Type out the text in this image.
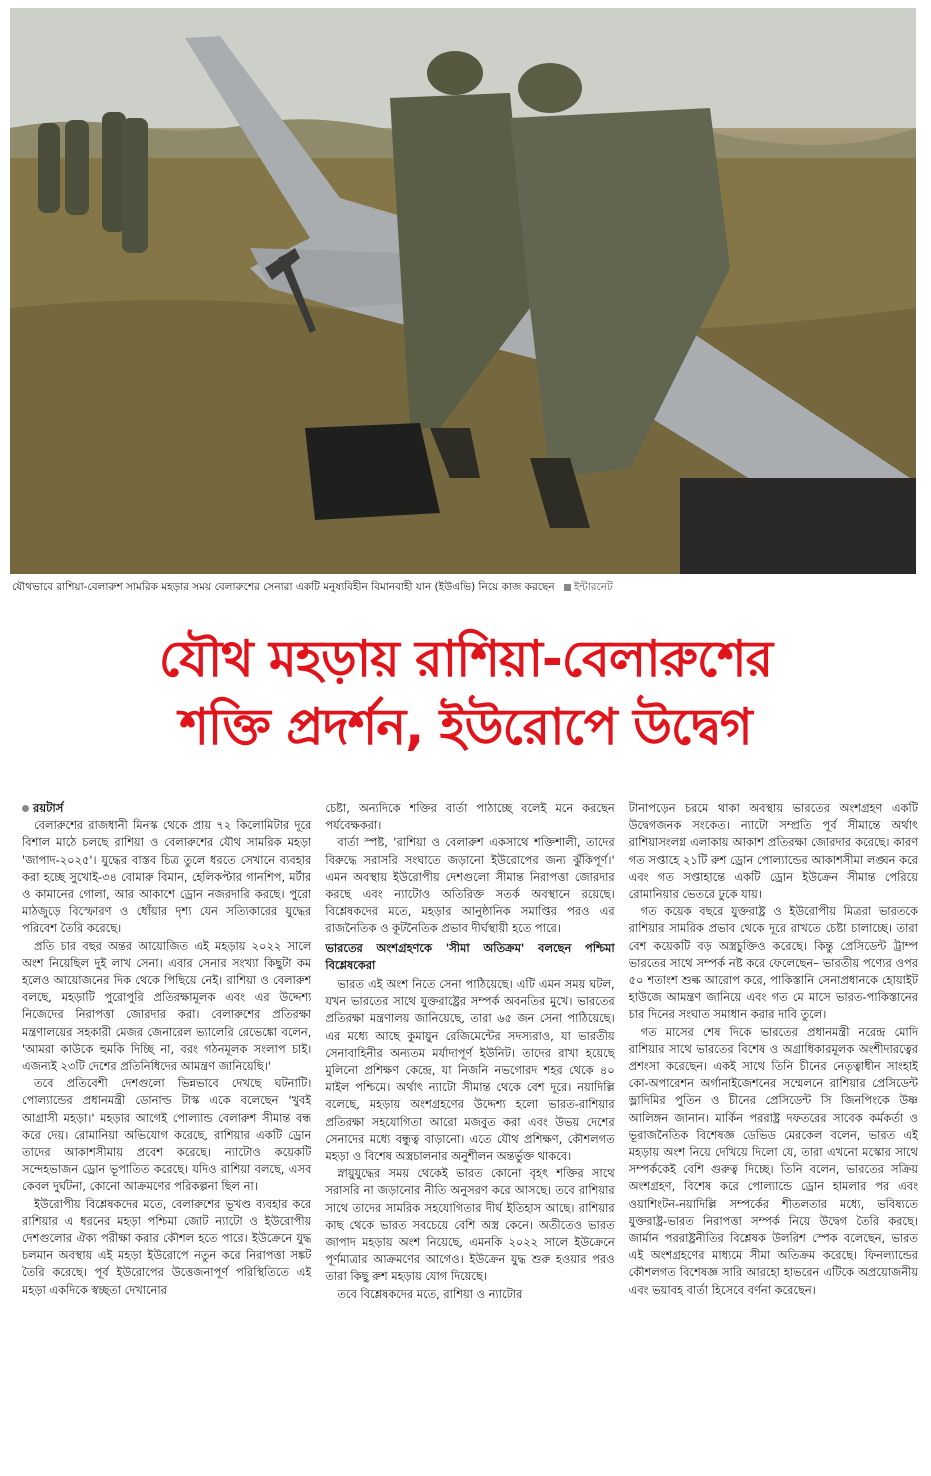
যৌথভাবে রাশিয়া-বেলারুশ সামরিক মহড়ার সময় বেলারুশের সেনারা একটি মনুষ্যবিহীন বিমানবাহী যান (ইউএভি) নিয়ে কাজ করছেন ইন্টারনেট
যৌথ মহড়ায় রাশিয়া-বেলারুশের
শক্তি প্রদর্শন, ইউরোপে উদ্বেগ
রয়টার্স

বেলারুশের রাজধানী মিনস্ক থেকে প্রায় ৭২ কিলোমিটার দূরে বিশাল মাঠে চলছে রাশিয়া ও বেলারুশের যৌথ সামরিক মহড়া 'জাপাদ-২০২৫'। যুদ্ধের বাস্তব চিত্র তুলে ধরতে সেখানে ব্যবহার করা হচ্ছে সুখোই-৩৪ বোমারু বিমান, হেলিকপ্টার গানশিপ, মর্টার ও কামানের গোলা, আর আকাশে ড্রোন নজরদারি করছে। পুরো মাঠজুড়ে বিস্ফোরণ ও ধোঁয়ার দৃশ্য যেন সত্যিকারের যুদ্ধের পরিবেশ তৈরি করেছে।

প্রতি চার বছর অন্তর আয়োজিত এই মহড়ায় ২০২২ সালে অংশ নিয়েছিল দুই লাখ সেনা। এবার সেনার সংখ্যা কিছুটা কম হলেও আয়োজনের দিক থেকে পিছিয়ে নেই। রাশিয়া ও বেলারুশ বলছে, মহড়াটি পুরোপুরি প্রতিরক্ষামূলক এবং এর উদ্দেশ্য নিজেদের নিরাপত্তা জোরদার করা। বেলারুশের প্রতিরক্ষা মন্ত্রণালয়ের সহকারী মেজর জেনারেল ভ্যালেরি রেভেঙ্কো বলেন, 'আমরা কাউকে হুমকি দিচ্ছি না, বরং গঠনমূলক সংলাপ চাই। এজন্যই ২৩টি দেশের প্রতিনিধিদের আমন্ত্রণ জানিয়েছি।'

তবে প্রতিবেশী দেশগুলো ভিন্নভাবে দেখছে ঘটনাটি। পোল্যান্ডের প্রধানমন্ত্রী ডোনাল্ড টাস্ক একে বলেছেন 'খুবই আগ্রাসী মহড়া।' মহড়ার আগেই পোল্যান্ড বেলারুশ সীমান্ত বন্ধ করে দেয়। রোমানিয়া অভিযোগ করেছে, রাশিয়ার একটি ড্রোন তাদের আকাশসীমায় প্রবেশ করেছে। ন্যাটোও কয়েকটি সন্দেহভাজন ড্রোন ভূপাতিত করেছে। যদিও রাশিয়া বলছে, এসব কেবল দুর্ঘটনা, কোনো আক্রমণের পরিকল্পনা ছিল না।

ইউরোপীয় বিশ্লেষকদের মতে, বেলারুশের ভূখণ্ড ব্যবহার করে রাশিয়ার এ ধরনের মহড়া পশ্চিমা জোট ন্যাটো ও ইউরোপীয় দেশগুলোর ঐক্য পরীক্ষা করার কৌশল হতে পারে। ইউক্রেনে যুদ্ধ চলমান অবস্থায় এই মহড়া ইউরোপে নতুন করে নিরাপত্তা সঙ্কট তৈরি করেছে। পূর্ব ইউরোপের উত্তেজনাপূর্ণ পরিস্থিতিতে এই মহড়া একদিকে স্বচ্ছতা দেখানোর

চেষ্টা, অন্যদিকে শক্তির বার্তা পাঠাচ্ছে বলেই মনে করছেন পর্যবেক্ষকরা।

বার্তা স্পষ্ট, 'রাশিয়া ও বেলারুশ একসাথে শক্তিশালী, তাদের বিরুদ্ধে সরাসরি সংঘাতে জড়ানো ইউরোপের জন্য ঝুঁকিপূর্ণ।' এমন অবস্থায় ইউরোপীয় দেশগুলো সীমান্ত নিরাপত্তা জোরদার করছে এবং ন্যাটোও অতিরিক্ত সতর্ক অবস্থানে রয়েছে। বিশ্লেষকদের মতে, মহড়ার আনুষ্ঠানিক সমাপ্তির পরও এর রাজনৈতিক ও কূটনৈতিক প্রভাব দীর্ঘস্থায়ী হতে পারে।

ভারতের অংশগ্রহণকে 'সীমা অতিক্রম' বলছেন পশ্চিমা বিশ্লেষকেরা

ভারত এই অংশ নিতে সেনা পাঠিয়েছে। এটি এমন সময় ঘটল, যখন ভারতের সাথে যুক্তরাষ্ট্রের সম্পর্ক অবনতির মুখে। ভারতের প্রতিরক্ষা মন্ত্রণালয় জানিয়েছে, তারা ৬৫ জন সেনা পাঠিয়েছে। এর মধ্যে আছে কুমায়ুন রেজিমেন্টের সদস্যরাও, যা ভারতীয় সেনাবাহিনীর অন্যতম মর্যাদাপূর্ণ ইউনিট। তাদের রাখা হয়েছে মুলিনো প্রশিক্ষণ কেন্দ্রে, যা নিজনি নভগোরদ শহর থেকে ৪০ মাইল পশ্চিমে। অর্থাৎ ন্যাটো সীমান্ত থেকে বেশ দূরে। নয়াদিল্লি বলেছে, মহড়ায় অংশগ্রহণের উদ্দেশ্য হলো ভারত-রাশিয়ার প্রতিরক্ষা সহযোগিতা আরো মজবুত করা এবং উভয় দেশের সেনাদের মধ্যে বন্ধুত্ব বাড়ানো। এতে যৌথ প্রশিক্ষণ, কৌশলগত মহড়া ও বিশেষ অস্ত্রচালনার অনুশীলন অন্তর্ভুক্ত থাকবে।

স্নায়ুযুদ্ধের সময় থেকেই ভারত কোনো বৃহৎ শক্তির সাথে সরাসরি না জড়ানোর নীতি অনুসরণ করে আসছে। তবে রাশিয়ার সাথে তাদের সামরিক সহযোগিতার দীর্ঘ ইতিহাস আছে। রাশিয়ার কাছ থেকে ভারত সবচেয়ে বেশি অস্ত্র কেনে। অতীতেও ভারত জাপাদ মহড়ায় অংশ নিয়েছে, এমনকি ২০২২ সালে ইউক্রেনে পূর্ণমাত্রার আক্রমণের আগেও। ইউক্রেন যুদ্ধ শুরু হওয়ার পরও তারা কিছু রুশ মহড়ায় যোগ দিয়েছে।

তবে বিশ্লেষকদের মতে, রাশিয়া ও ন্যাটোর

টানাপড়েন চরমে থাকা অবস্থায় ভারতের অংশগ্রহণ একটি উদ্বেগজনক সংকেত। ন্যাটো সম্প্রতি পূর্ব সীমান্তে অর্থাৎ রাশিয়াসংলগ্ন এলাকায় আকাশ প্রতিরক্ষা জোরদার করেছে। কারণ গত সপ্তাহে ২১টি রুশ ড্রোন পোল্যান্ডের আকাশসীমা লঙ্ঘন করে এবং গত সপ্তাহান্তে একটি ড্রোন ইউক্রেন সীমান্ত পেরিয়ে রোমানিয়ার ভেতরে ঢুকে যায়।

গত কয়েক বছরে যুক্তরাষ্ট্র ও ইউরোপীয় মিত্ররা ভারতকে রাশিয়ার সামরিক প্রভাব থেকে দূরে রাখতে চেষ্টা চালাচ্ছে। তারা বেশ কয়েকটি বড় অস্ত্রচুক্তিও করেছে। কিন্তু প্রেসিডেন্ট ট্রাম্প ভারতের সাথে সম্পর্ক নষ্ট করে ফেলেছেন– ভারতীয় পণ্যের ওপর ৫০ শতাংশ শুল্ক আরোপ করে, পাকিস্তানি সেনাপ্রধানকে হোয়াইট হাউজে আমন্ত্রণ জানিয়ে এবং গত মে মাসে ভারত-পাকিস্তানের চার দিনের সংঘাত সমাধান করার দাবি তুলে।

গত মাসের শেষ দিকে ভারতের প্রধানমন্ত্রী নরেন্দ্র মোদি রাশিয়ার সাথে ভারতের বিশেষ ও অগ্রাধিকারমূলক অংশীদারত্বের প্রশংসা করেছেন। একই সাথে তিনি চীনের নেতৃত্বাধীন সাংহাই কো-অপারেশন অর্গানাইজেশনের সম্মেলনে রাশিয়ার প্রেসিডেন্ট ভ্লাদিমির পুতিন ও চীনের প্রেসিডেন্ট সি জিনপিংকে উষ্ণ আলিঙ্গন জানান। মার্কিন পররাষ্ট্র দফতরের সাবেক কর্মকর্তা ও ভূরাজনৈতিক বিশেষজ্ঞ ডেভিড মেরকেল বলেন, ভারত এই মহড়ায় অংশ নিয়ে দেখিয়ে দিলো যে, তারা এখনো মস্কোর সাথে সম্পর্ককেই বেশি গুরুত্ব দিচ্ছে। তিনি বলেন, ভারতের সক্রিয় অংশগ্রহণ, বিশেষ করে পোল্যান্ডে ড্রোন হামলার পর এবং ওয়াশিংটন-নয়াদিল্লি সম্পর্কের শীতলতার মধ্যে, ভবিষ্যতে যুক্তরাষ্ট্র-ভারত নিরাপত্তা সম্পর্ক নিয়ে উদ্বেগ তৈরি করছে। জার্মান পররাষ্ট্রনীতির বিশ্লেষক উলরিশ স্পেক বলেছেন, ভারত এই অংশগ্রহণের মাধ্যমে সীমা অতিক্রম করেছে। ফিনল্যান্ডের কৌশলগত বিশেষজ্ঞ সারি আরহো হাভরেন এটিকে অপ্রয়োজনীয় এবং ভয়াবহ বার্তা হিসেবে বর্ণনা করেছেন।
